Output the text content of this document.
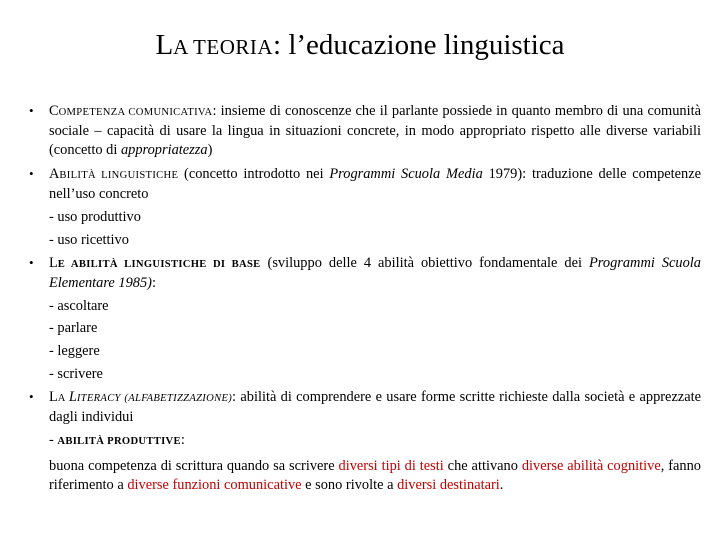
LA TEORIA: l’educazione linguistica
• COMPETENZA COMUNICATIVA: insieme di conoscenze che il parlante possiede in quanto membro di una comunità sociale – capacità di usare la lingua in situazioni concrete, in modo appropriato rispetto alle diverse variabili (concetto di appropriatezza)
• ABILITÀ LINGUISTICHE (concetto introdotto nei Programmi Scuola Media 1979): traduzione delle competenze nell’uso concreto
- uso produttivo
- uso ricettivo
• LE ABILITÀ LINGUISTICHE DI BASE (sviluppo delle 4 abilità obiettivo fondamentale dei Programmi Scuola Elementare 1985):
- ascoltare
- parlare
- leggere
- scrivere
• LA LITERACY (ALFABETIZZAZIONE): abilità di comprendere e usare forme scritte richieste dalla società e apprezzate dagli individui
- ABILITÀ PRODUTTIVE:
buona competenza di scrittura quando sa scrivere diversi tipi di testi che attivano diverse abilità cognitive, fanno riferimento a diverse funzioni comunicative e sono rivolte a diversi destinatari.
